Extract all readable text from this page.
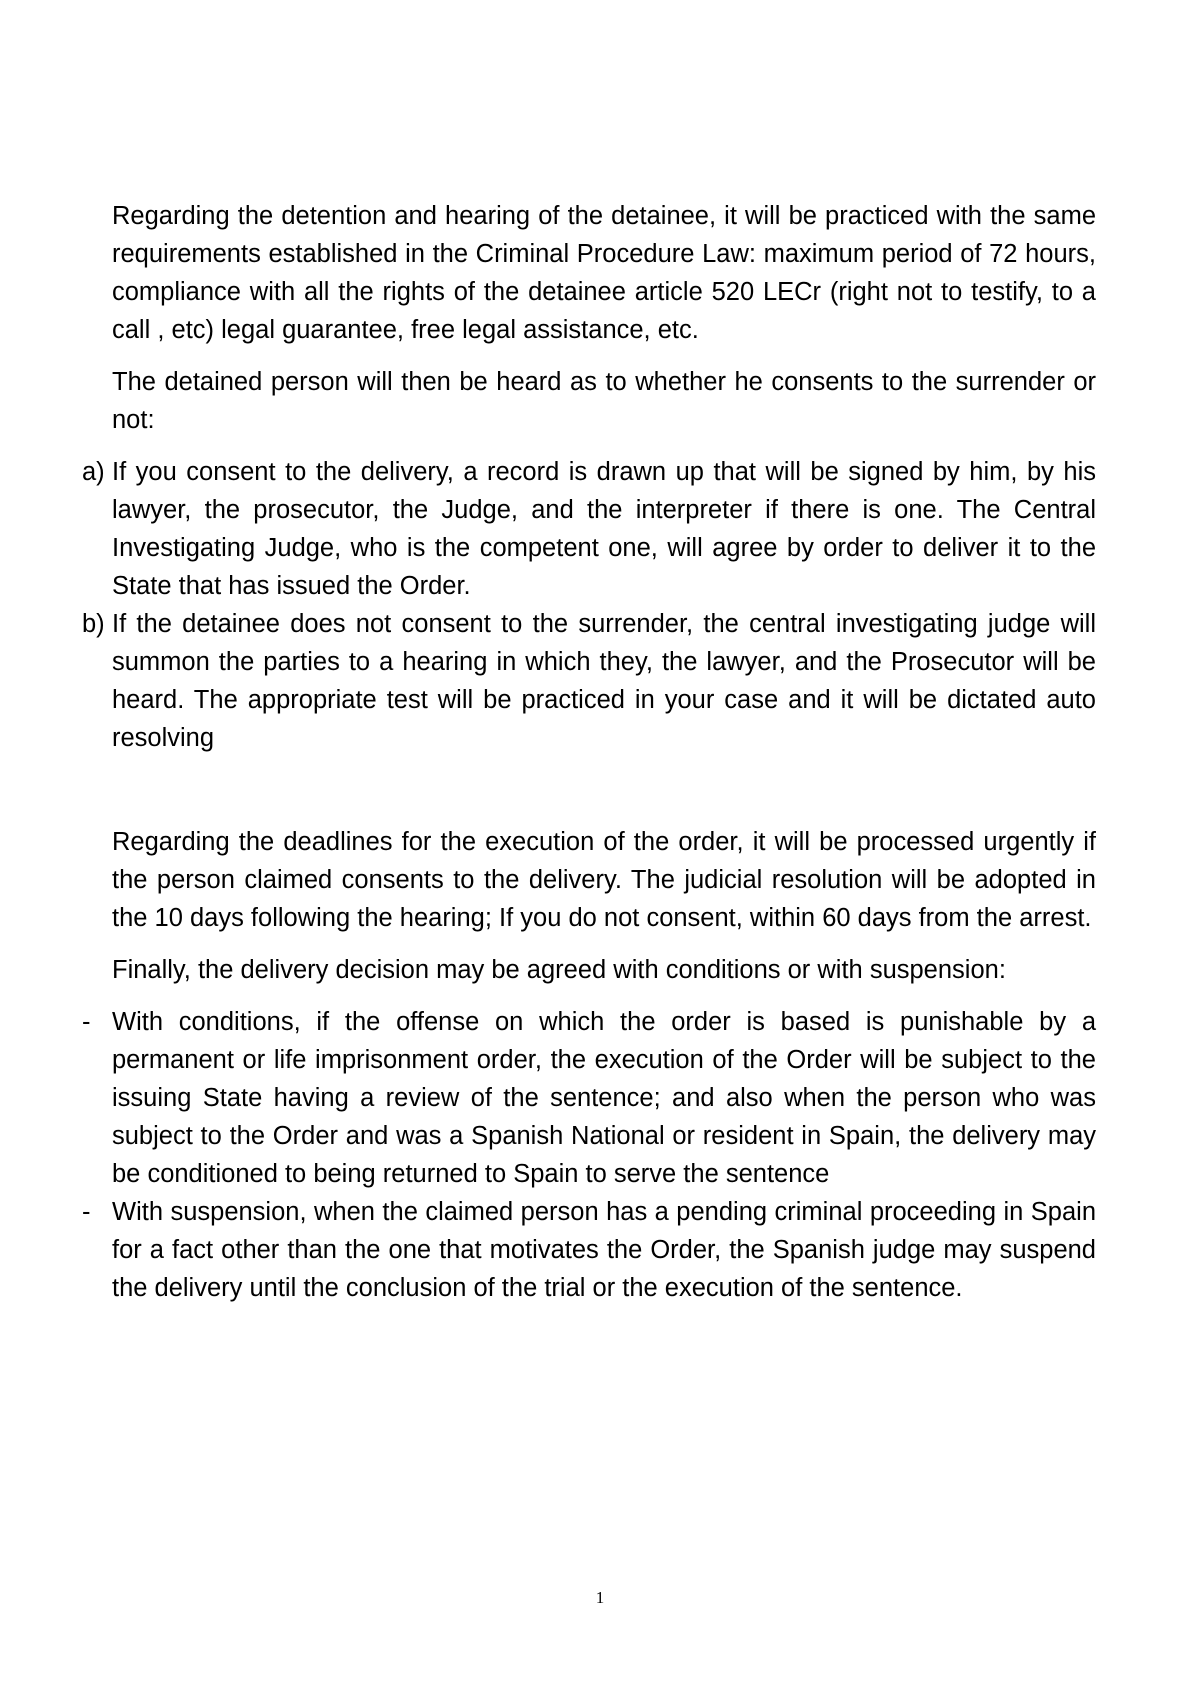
Regarding the detention and hearing of the detainee, it will be practiced with the same requirements established in the Criminal Procedure Law: maximum period of 72 hours, compliance with all the rights of the detainee article 520 LECr (right not to testify, to a call , etc) legal guarantee, free legal assistance, etc.

The detained person will then be heard as to whether he consents to the surrender or not:

a) If you consent to the delivery, a record is drawn up that will be signed by him, by his lawyer, the prosecutor, the Judge, and the interpreter if there is one. The Central Investigating Judge, who is the competent one, will agree by order to deliver it to the State that has issued the Order.

b) If the detainee does not consent to the surrender, the central investigating judge will summon the parties to a hearing in which they, the lawyer, and the Prosecutor will be heard. The appropriate test will be practiced in your case and it will be dictated auto resolving

Regarding the deadlines for the execution of the order, it will be processed urgently if the person claimed consents to the delivery. The judicial resolution will be adopted in the 10 days following the hearing; If you do not consent, within 60 days from the arrest.

Finally, the delivery decision may be agreed with conditions or with suspension:

- With conditions, if the offense on which the order is based is punishable by a permanent or life imprisonment order, the execution of the Order will be subject to the issuing State having a review of the sentence; and also when the person who was subject to the Order and was a Spanish National or resident in Spain, the delivery may be conditioned to being returned to Spain to serve the sentence

- With suspension, when the claimed person has a pending criminal proceeding in Spain for a fact other than the one that motivates the Order, the Spanish judge may suspend the delivery until the conclusion of the trial or the execution of the sentence.

1
